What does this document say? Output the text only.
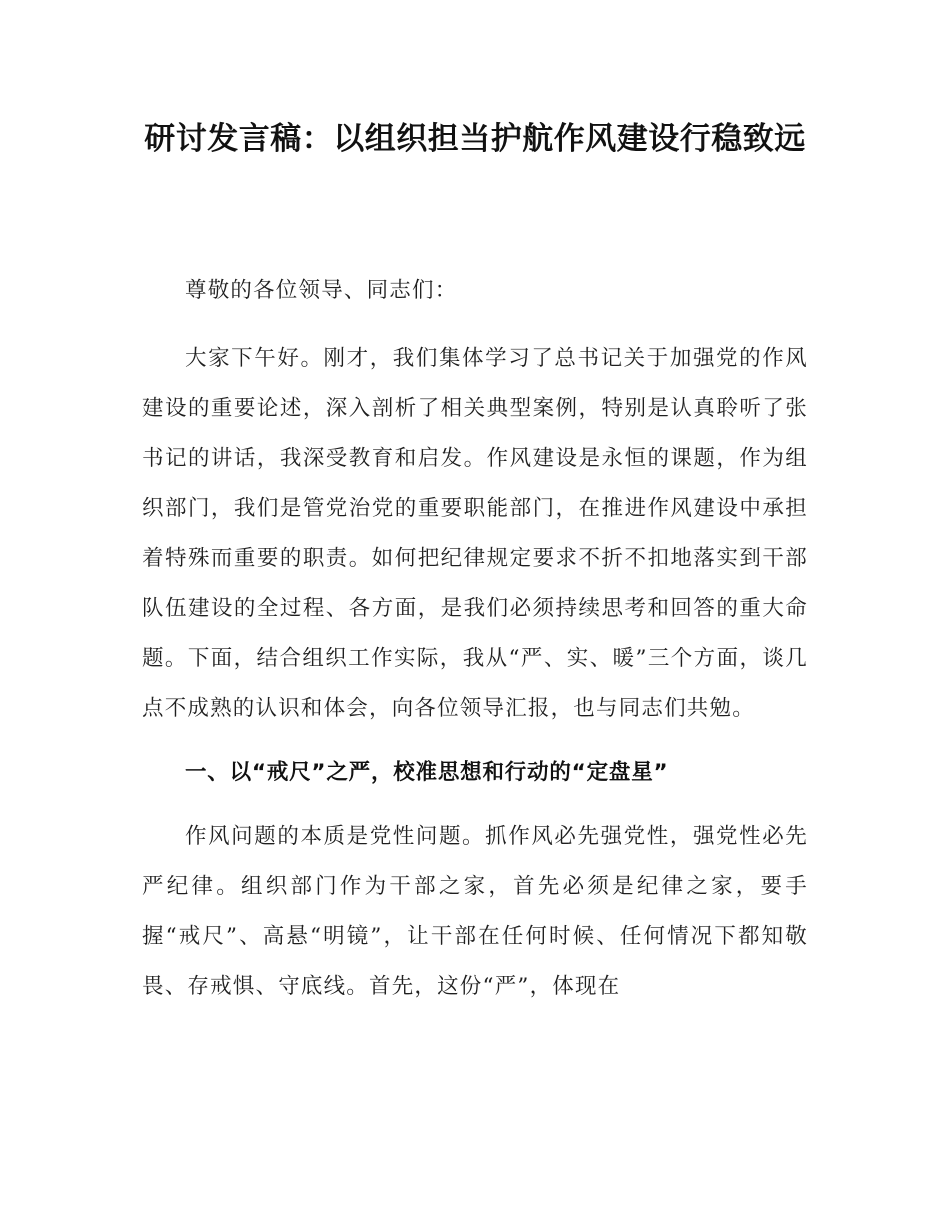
研讨发言稿：以组织担当护航作风建设行稳致远

尊敬的各位领导、同志们：

大家下午好。刚才，我们集体学习了总书记关于加强党的作风建设的重要论述，深入剖析了相关典型案例，特别是认真聆听了张书记的讲话，我深受教育和启发。作风建设是永恒的课题，作为组织部门，我们是管党治党的重要职能部门，在推进作风建设中承担着特殊而重要的职责。如何把纪律规定要求不折不扣地落实到干部队伍建设的全过程、各方面，是我们必须持续思考和回答的重大命题。下面，结合组织工作实际，我从“严、实、暖”三个方面，谈几点不成熟的认识和体会，向各位领导汇报，也与同志们共勉。

一、以“戒尺”之严，校准思想和行动的“定盘星”

作风问题的本质是党性问题。抓作风必先强党性，强党性必先严纪律。组织部门作为干部之家，首先必须是纪律之家，要手握“戒尺”、高悬“明镜”，让干部在任何时候、任何情况下都知敬畏、存戒惧、守底线。首先，这份“严”，体现在
